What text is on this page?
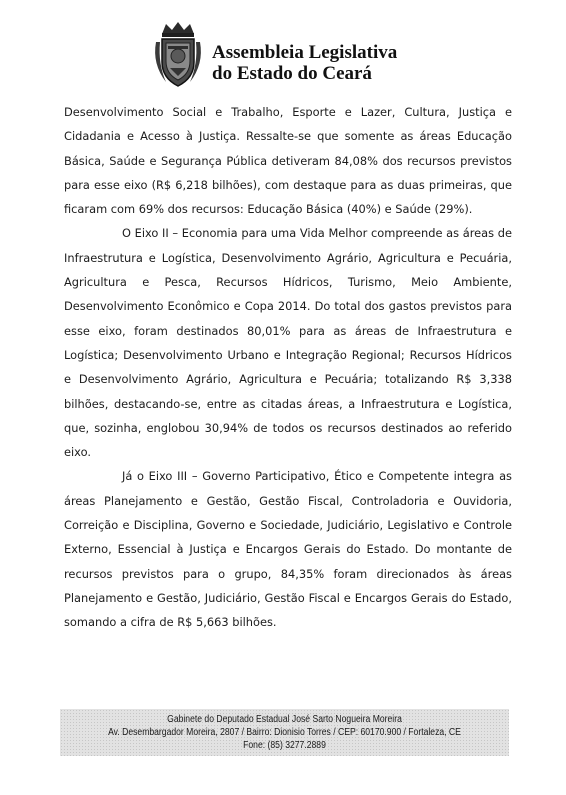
Assembleia Legislativa
do Estado do Ceará

Desenvolvimento Social e Trabalho, Esporte e Lazer, Cultura, Justiça e Cidadania e Acesso à Justiça. Ressalte-se que somente as áreas Educação Básica, Saúde e Segurança Pública detiveram 84,08% dos recursos previstos para esse eixo (R$ 6,218 bilhões), com destaque para as duas primeiras, que ficaram com 69% dos recursos: Educação Básica (40%) e Saúde (29%).

O Eixo II – Economia para uma Vida Melhor compreende as áreas de Infraestrutura e Logística, Desenvolvimento Agrário, Agricultura e Pecuária, Agricultura e Pesca, Recursos Hídricos, Turismo, Meio Ambiente, Desenvolvimento Econômico e Copa 2014. Do total dos gastos previstos para esse eixo, foram destinados 80,01% para as áreas de Infraestrutura e Logística; Desenvolvimento Urbano e Integração Regional; Recursos Hídricos e Desenvolvimento Agrário, Agricultura e Pecuária; totalizando R$ 3,338 bilhões, destacando-se, entre as citadas áreas, a Infraestrutura e Logística, que, sozinha, englobou 30,94% de todos os recursos destinados ao referido eixo.

Já o Eixo III – Governo Participativo, Ético e Competente integra as áreas Planejamento e Gestão, Gestão Fiscal, Controladoria e Ouvidoria, Correição e Disciplina, Governo e Sociedade, Judiciário, Legislativo e Controle Externo, Essencial à Justiça e Encargos Gerais do Estado. Do montante de recursos previstos para o grupo, 84,35% foram direcionados às áreas Planejamento e Gestão, Judiciário, Gestão Fiscal e Encargos Gerais do Estado, somando a cifra de R$ 5,663 bilhões.

Gabinete do Deputado Estadual José Sarto Nogueira Moreira
Av. Desembargador Moreira, 2807 / Bairro: Dionisio Torres / CEP: 60170.900 / Fortaleza, CE
Fone: (85) 3277.2889
